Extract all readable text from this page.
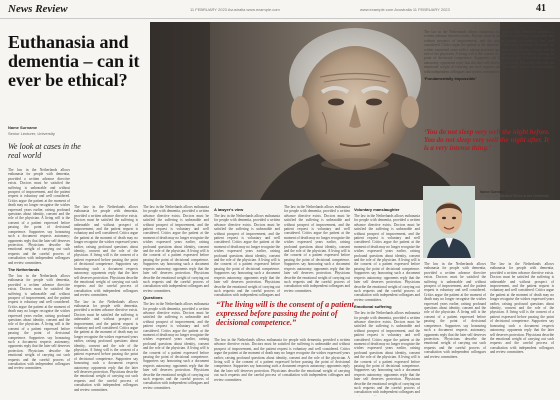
News Review	11 FEBRUARY 2023 Avustralia www.example.com	www.example.com Avustralia 11 FEBRUARY 2023	41
Euthanasia and dementia – can it ever be ethical?
Name Surname
Senior Lecturer, University
We look at cases in the real world

The law in the Netherlands allows euthanasia for people with dementia, provided a written advance directive exists. Doctors must be satisfied the suffering is unbearable and without prospect of improvement, and the patient request is voluntary and well considered. Critics argue the patient at the moment of death may no longer recognise the wishes expressed years earlier, raising profound questions about identity, consent and the role of the physician. A living will is the consent of a patient expressed before passing the point of decisional competence. Supporters say honouring such a document respects autonomy; opponents reply that the later self deserves protection. Physicians describe the emotional weight of carrying out such requests and the careful process of consultation with independent colleagues and review committees.

The Netherlands

The law in the Netherlands allows euthanasia for people with dementia, provided a written advance directive exists. Doctors must be satisfied the suffering is unbearable and without prospect of improvement, and the patient request is voluntary and well considered. Critics argue the patient at the moment of death may no longer recognise the wishes expressed years earlier, raising profound questions about identity, consent and the role of the physician. A living will is the consent of a patient expressed before passing the point of decisional competence. Supporters say honouring such a document respects autonomy; opponents reply that the later self deserves protection. Physicians describe the emotional weight of carrying out such requests and the careful process of consultation with independent colleagues and review committees.

The law in the Netherlands allows euthanasia for people with dementia, provided a written advance directive exists. Doctors must be satisfied the suffering is unbearable and without prospect of improvement, and the patient request is voluntary and well considered. Critics argue the patient at the moment of death may no longer recognise the wishes expressed years earlier, raising profound questions about identity, consent and the role of the physician. A living will is the consent of a patient expressed before passing the point of decisional competence. Supporters say honouring such a document respects autonomy; opponents reply that the later self deserves protection. Physicians describe the emotional weight of carrying out such requests and the careful process of consultation with independent colleagues and review committees.

The law in the Netherlands allows euthanasia for people with dementia, provided a written advance directive exists. Doctors must be satisfied the suffering is unbearable and without prospect of improvement, and the patient request is voluntary and well considered. Critics argue the patient at the moment of death may no longer recognise the wishes expressed years earlier, raising profound questions about identity, consent and the role of the physician. A living will is the consent of a patient expressed before passing the point of decisional competence. Supporters say honouring such a document respects autonomy; opponents reply that the later self deserves protection. Physicians describe the emotional weight of carrying out such requests and the careful process of consultation with independent colleagues and review committees.

The law in the Netherlands allows euthanasia for people with dementia, provided a written advance directive exists. Doctors must be satisfied the suffering is unbearable and without prospect of improvement, and the patient request is voluntary and well considered. Critics argue the patient at the moment of death may no longer recognise the wishes expressed years earlier, raising profound questions about identity, consent and the role of the physician. A living will is the consent of a patient expressed before passing the point of decisional competence. Supporters say honouring such a document respects autonomy; opponents reply that the later self deserves protection. Physicians describe the emotional weight of carrying out such requests and the careful process of consultation with independent colleagues and review committees.

Questions

The law in the Netherlands allows euthanasia for people with dementia, provided a written advance directive exists. Doctors must be satisfied the suffering is unbearable and without prospect of improvement, and the patient request is voluntary and well considered. Critics argue the patient at the moment of death may no longer recognise the wishes expressed years earlier, raising profound questions about identity, consent and the role of the physician. A living will is the consent of a patient expressed before passing the point of decisional competence. Supporters say honouring such a document respects autonomy; opponents reply that the later self deserves protection. Physicians describe the emotional weight of carrying out such requests and the careful process of consultation with independent colleagues and review committees.

A lawyer's view

The law in the Netherlands allows euthanasia for people with dementia, provided a written advance directive exists. Doctors must be satisfied the suffering is unbearable and without prospect of improvement, and the patient request is voluntary and well considered. Critics argue the patient at the moment of death may no longer recognise the wishes expressed years earlier, raising profound questions about identity, consent and the role of the physician. A living will is the consent of a patient expressed before passing the point of decisional competence. Supporters say honouring such a document respects autonomy; opponents reply that the later self deserves protection. Physicians describe the emotional weight of carrying out such requests and the careful process of consultation with independent colleagues and

The law in the Netherlands allows euthanasia for people with dementia, provided a written advance directive exists. Doctors must be satisfied the suffering is unbearable and without prospect of improvement, and the patient request is voluntary and well considered. Critics argue the patient at the moment of death may no longer recognise the wishes expressed years earlier, raising profound questions about identity, consent and the role of the physician. A living will is the consent of a patient expressed before passing the point of decisional competence. Supporters say honouring such a document respects autonomy; opponents reply that the later self deserves protection. Physicians describe the emotional weight of carrying out such requests and the careful process of consultation with independent colleagues and review committees.

The law in the Netherlands allows euthanasia for people with dementia, provided a written advance directive exists. Doctors must be satisfied the suffering is unbearable and without prospect of improvement, and the patient request is voluntary and well considered. Critics argue the patient at the moment of death may no longer recognise the wishes expressed years earlier, raising profound questions about identity, consent and the role of the physician. A living will is the consent of a patient expressed before passing the point of decisional competence. Supporters say honouring such a document respects autonomy; opponents reply that the later self deserves protection. Physicians describe the emotional weight of carrying out such requests and the careful process of consultation with independent colleagues and review committees.

Voluntary manslaughter

The law in the Netherlands allows euthanasia for people with dementia, provided a written advance directive exists. Doctors must be satisfied the suffering is unbearable and without prospect of improvement, and the patient request is voluntary and well considered. Critics argue the patient at the moment of death may no longer recognise the wishes expressed years earlier, raising profound questions about identity, consent and the role of the physician. A living will is the consent of a patient expressed before passing the point of decisional competence. Supporters say honouring such a document respects autonomy; opponents reply that the later self deserves protection. Physicians describe the emotional weight of carrying out such requests and the careful process of consultation with independent colleagues and review committees.

Emotional suffering

The law in the Netherlands allows euthanasia for people with dementia, provided a written advance directive exists. Doctors must be satisfied the suffering is unbearable and without prospect of improvement, and the patient request is voluntary and well considered. Critics argue the patient at the moment of death may no longer recognise the wishes expressed years earlier, raising profound questions about identity, consent and the role of the physician. A living will is the consent of a patient expressed before passing the point of decisional competence. Supporters say honouring such a document respects autonomy; opponents reply that the later self deserves protection. Physicians describe the emotional weight of carrying out such requests and the careful process of consultation with independent colleagues and

The law in the Netherlands allows euthanasia for people with dementia, provided a written advance directive exists. Doctors must be satisfied the suffering is unbearable and without prospect of improvement, and the patient request is voluntary and well considered. Critics argue the patient at the moment of death may no longer recognise the wishes expressed years earlier, raising profound questions about identity, consent and the role of the physician. A living will is the consent of a patient expressed before passing the point of decisional competence. Supporters say honouring such a document respects autonomy; opponents reply that the later self deserves protection. Physicians describe the emotional weight of carrying out such requests and the careful process of consultation with independent colleagues and review committees.

The law in the Netherlands allows euthanasia for people with dementia, provided a written advance directive exists. Doctors must be satisfied the suffering is unbearable and without prospect of improvement, and the patient request is voluntary and well considered. Critics argue the patient at the moment of death may no longer recognise the wishes expressed years earlier, raising profound questions about identity, consent and the role of the physician. A living will is the consent of a patient expressed before passing the point of decisional competence. Supporters say honouring such a document respects autonomy; opponents reply that the later self deserves protection. Physicians describe the emotional weight of carrying out such requests and the careful process of consultation with independent colleagues and review committees.

The law in the Netherlands allows euthanasia for people with dementia, provided a written advance directive exists. Doctors must be satisfied the suffering is unbearable and without prospect of improvement, and the patient request is voluntary and well considered. Critics argue the patient at the moment of death may no longer recognise the wishes expressed years earlier, raising profound questions about identity, consent and the role of the physician. A living will is the consent of a patient expressed before passing the point of decisional competence. Supporters say honouring such a document respects autonomy; opponents reply that the later self deserves protection. Physicians describe the emotional weight of carrying out such requests and the careful process of consultation with independent colleagues and review committees.

‘Fundamentally impossible’

“The living will is the consent of a patient expressed before passing the point of decisional competence.”
‘You do not sleep very well the night before. You do not sleep very well the night after. It is a very intense thing.’
Name Surname
Professor of Medical Ethics at the University
